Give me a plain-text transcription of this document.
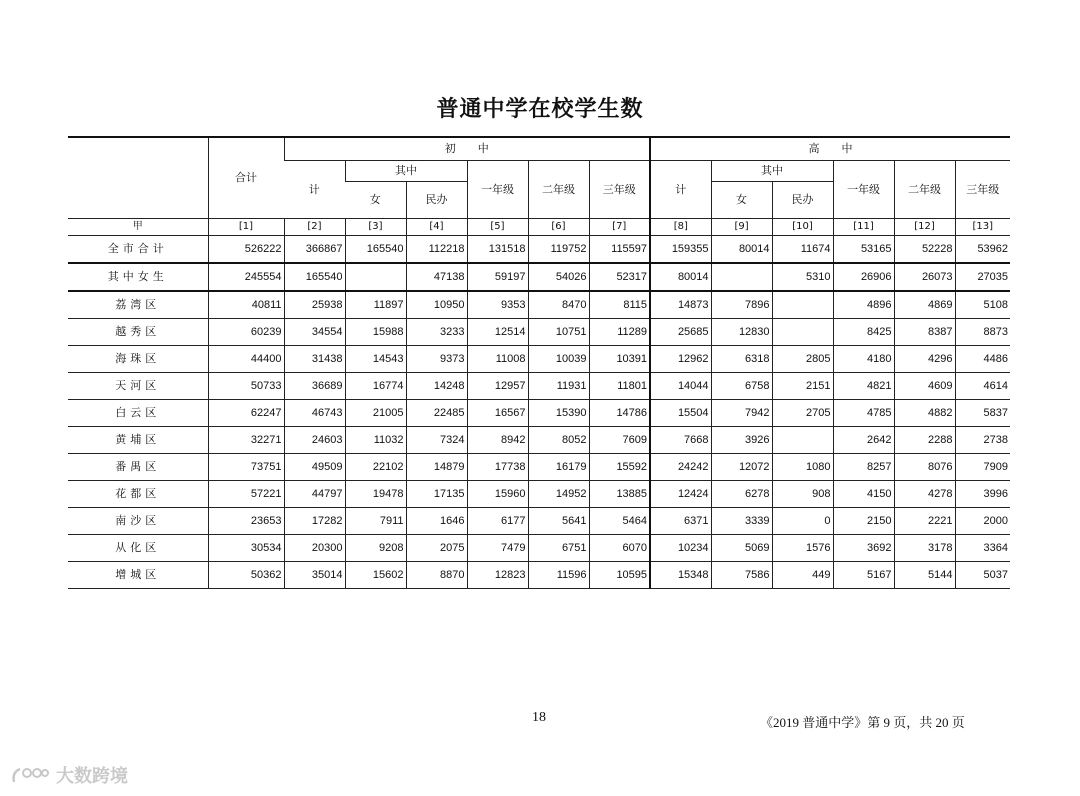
普通中学在校学生数
	合计	初　　中						高　　中					
		计	其中		一年级	二年级	三年级	计	其中		一年级	二年级	三年级
			女	民办					女	民办			
甲	[1]	[2]	[3]	[4]	[5]	[6]	[7]	[8]	[9]	[10]	[11]	[12]	[13]
全市合计	526222	366867	165540	112218	131518	119752	115597	159355	80014	11674	53165	52228	53962
其中女生	245554	165540		47138	59197	54026	52317	80014		5310	26906	26073	27035
荔湾区	40811	25938	11897	10950	9353	8470	8115	14873	7896		4896	4869	5108
越秀区	60239	34554	15988	3233	12514	10751	11289	25685	12830		8425	8387	8873
海珠区	44400	31438	14543	9373	11008	10039	10391	12962	6318	2805	4180	4296	4486
天河区	50733	36689	16774	14248	12957	11931	11801	14044	6758	2151	4821	4609	4614
白云区	62247	46743	21005	22485	16567	15390	14786	15504	7942	2705	4785	4882	5837
黄埔区	32271	24603	11032	7324	8942	8052	7609	7668	3926		2642	2288	2738
番禺区	73751	49509	22102	14879	17738	16179	15592	24242	12072	1080	8257	8076	7909
花都区	57221	44797	19478	17135	15960	14952	13885	12424	6278	908	4150	4278	3996
南沙区	23653	17282	7911	1646	6177	5641	5464	6371	3339	0	2150	2221	2000
从化区	30534	20300	9208	2075	7479	6751	6070	10234	5069	1576	3692	3178	3364
增城区	50362	35014	15602	8870	12823	11596	10595	15348	7586	449	5167	5144	5037
18	《2019 普通中学》第 9 页，共 20 页
大数跨境
